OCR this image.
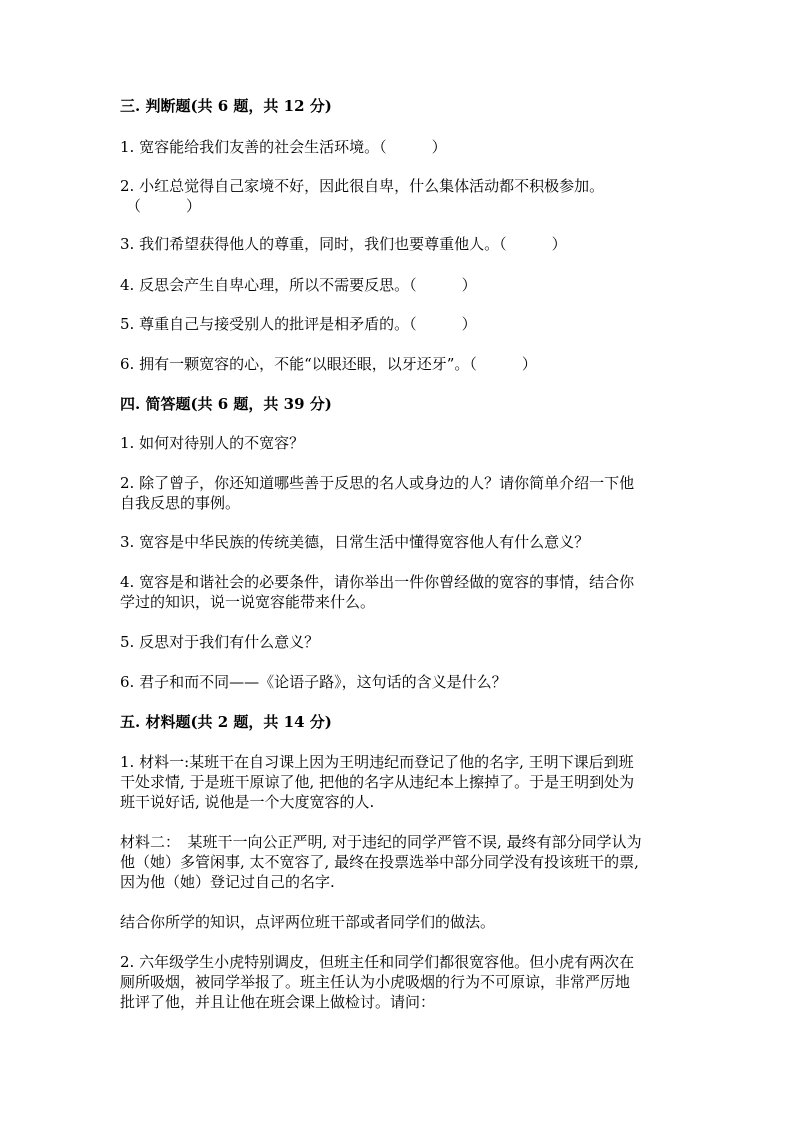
三. 判断题(共 6 题，共 12 分)
1. 宽容能给我们友善的社会生活环境。（　　　）
2. 小红总觉得自己家境不好，因此很自卑，什么集体活动都不积极参加。
（　　　）
3. 我们希望获得他人的尊重，同时，我们也要尊重他人。（　　　）
4. 反思会产生自卑心理，所以不需要反思。（　　　）
5. 尊重自己与接受别人的批评是相矛盾的。（　　　）
6. 拥有一颗宽容的心，不能“以眼还眼，以牙还牙”。（　　　）
四. 简答题(共 6 题，共 39 分)
1. 如何对待别人的不宽容？
2. 除了曾子，你还知道哪些善于反思的名人或身边的人？请你简单介绍一下他
自我反思的事例。
3. 宽容是中华民族的传统美德，日常生活中懂得宽容他人有什么意义？
4. 宽容是和谐社会的必要条件，请你举出一件你曾经做的宽容的事情，结合你
学过的知识，说一说宽容能带来什么。
5. 反思对于我们有什么意义？
6. 君子和而不同——《论语子路》，这句话的含义是什么？
五. 材料题(共 2 题，共 14 分)
1. 材料一:某班干在自习课上因为王明违纪而登记了他的名字, 王明下课后到班
干处求情, 于是班干原谅了他, 把他的名字从违纪本上擦掉了。于是王明到处为
班干说好话, 说他是一个大度宽容的人.
材料二：　某班干一向公正严明, 对于违纪的同学严管不误, 最终有部分同学认为
他（她）多管闲事, 太不宽容了, 最终在投票选举中部分同学没有投该班干的票,
因为他（她）登记过自己的名字.
结合你所学的知识，点评两位班干部或者同学们的做法。
2. 六年级学生小虎特别调皮，但班主任和同学们都很宽容他。但小虎有两次在
厕所吸烟，被同学举报了。班主任认为小虎吸烟的行为不可原谅，非常严厉地
批评了他，并且让他在班会课上做检讨。请问：
